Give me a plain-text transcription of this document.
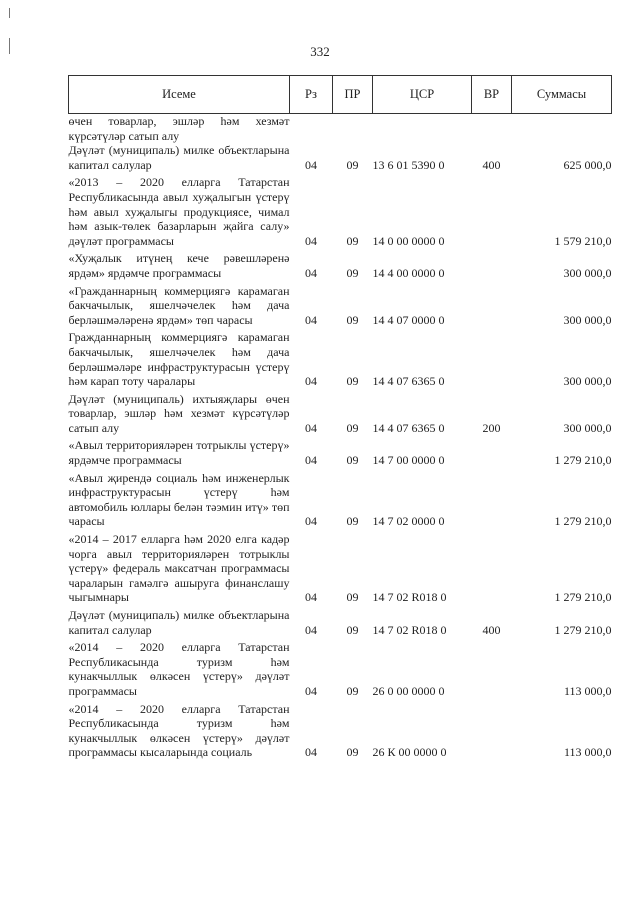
332
Исеме	Рз	ПР	ЦСР	ВР	Суммасы
өчен товарлар, эшләр һәм хезмәт күрсәтүләр сатып алу					
Дәүләт (муниципаль) милке объектларына капитал салулар	04	09	13 6 01 5390 0	400	625 000,0
«2013 – 2020 елларга Татарстан Республикасында авыл хуҗалыгын үстерү һәм авыл хуҗалыгы продукциясе, чимал һәм азык-төлек базарларын җайга салу» дәүләт программасы	04	09	14 0 00 0000 0		1 579 210,0
«Хуҗалык итүнең кече рәвешләренә ярдәм» ярдәмче программасы	04	09	14 4 00 0000 0		300 000,0
«Гражданнарның коммерциягә карамаган бакчачылык, яшелчәчелек һәм дача берләшмәләренә ярдәм» төп чарасы	04	09	14 4 07 0000 0		300 000,0
Гражданнарның коммерциягә карамаган бакчачылык, яшелчәчелек һәм дача берләшмәләре инфраструктурасын үстерү һәм карап тоту чаралары	04	09	14 4 07 6365 0		300 000,0
Дәүләт (муниципаль) ихтыяҗлары өчен товарлар, эшләр һәм хезмәт күрсәтүләр сатып алу	04	09	14 4 07 6365 0	200	300 000,0
«Авыл территорияләрен тотрыклы үстерү» ярдәмче программасы	04	09	14 7 00 0000 0		1 279 210,0
«Авыл җирендә социаль һәм инженерлык инфраструктурасын үстерү һәм автомобиль юллары белән тәэмин итү» төп чарасы	04	09	14 7 02 0000 0		1 279 210,0
«2014 – 2017 елларга һәм 2020 елга кадәр чорга авыл территорияләрен тотрыклы үстерү» федераль максатчан программасы чараларын гамәлгә ашыруга финанслашу чыгымнары	04	09	14 7 02 R018 0		1 279 210,0
Дәүләт (муниципаль) милке объектларына капитал салулар	04	09	14 7 02 R018 0	400	1 279 210,0
«2014 – 2020 елларга Татарстан Республикасында туризм һәм кунакчыллык өлкәсен үстерү» дәүләт программасы	04	09	26 0 00 0000 0		113 000,0
«2014 – 2020 елларга Татарстан Республикасында туризм һәм кунакчыллык өлкәсен үстерү» дәүләт программасы кысаларында социаль	04	09	26 К 00 0000 0		113 000,0
